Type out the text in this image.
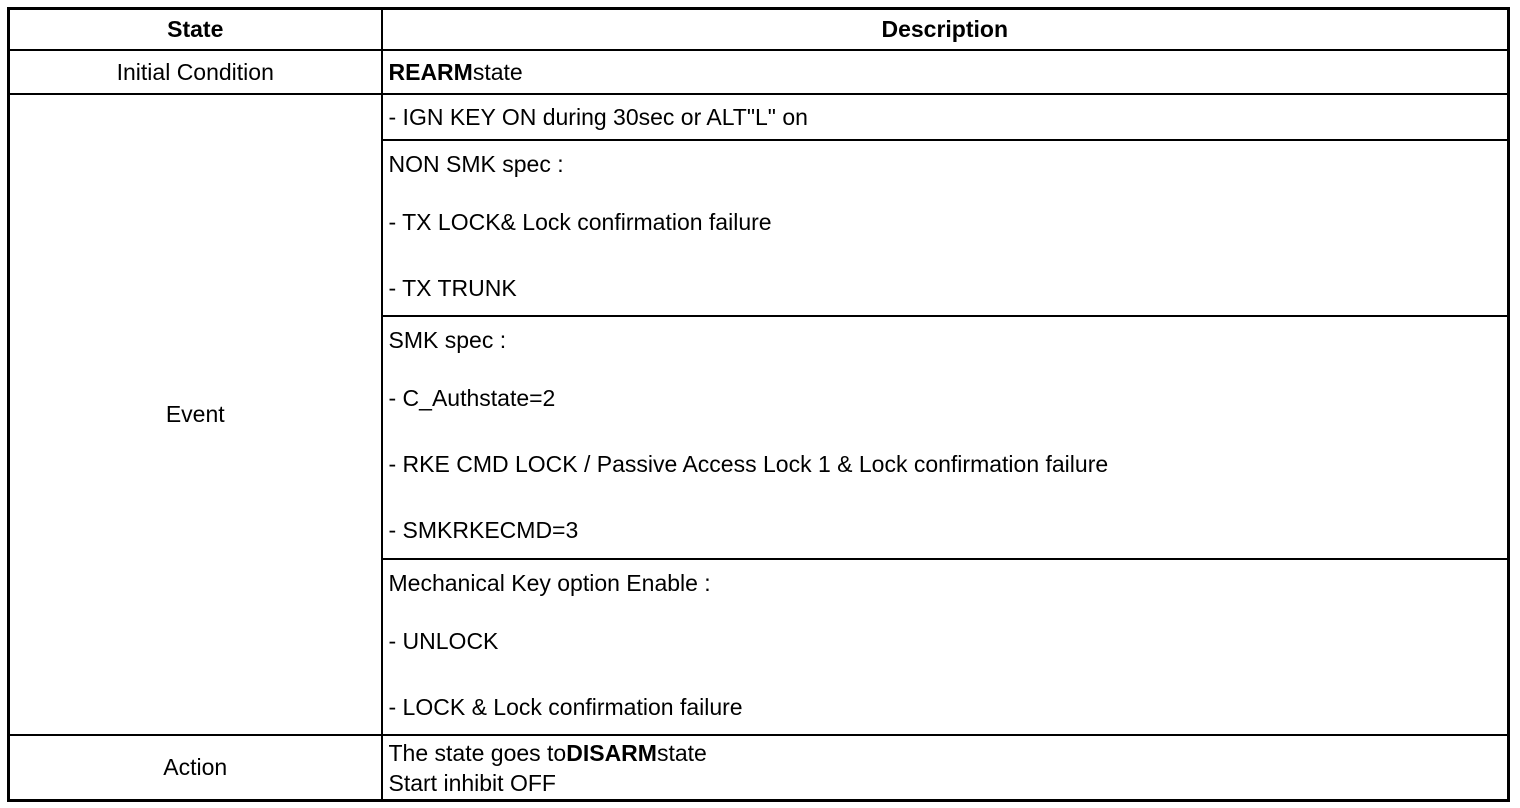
State	Description
Initial Condition	REARMstate
Event	- IGN KEY ON during 30sec or ALT"L" on

	NON SMK spec :
- TX LOCK& Lock confirmation failure
- TX TRUNK

	SMK spec :
- C_Authstate=2
- RKE CMD LOCK / Passive Access Lock 1 & Lock confirmation failure
- SMKRKECMD=3

	Mechanical Key option Enable :
- UNLOCK
- LOCK & Lock confirmation failure

Action	The state goes toDISARMstate
Start inhibit OFF
